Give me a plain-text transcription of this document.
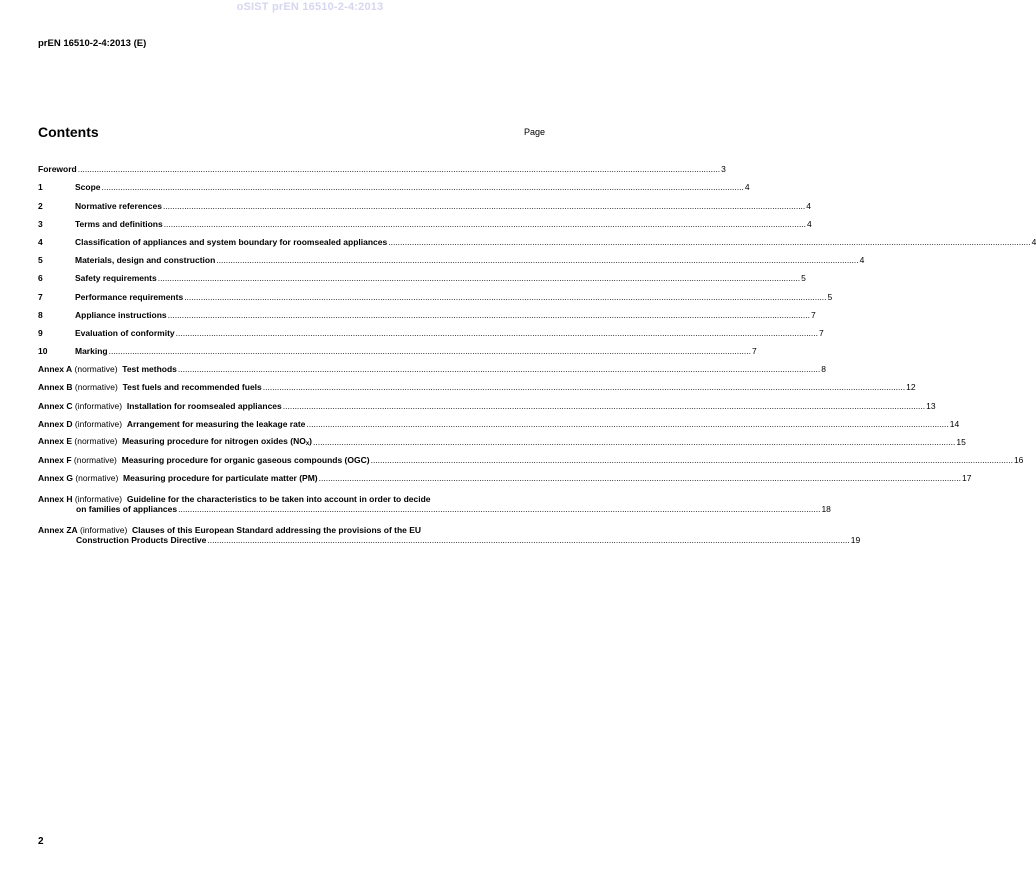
oSIST prEN 16510-2-4:2013
prEN 16510-2-4:2013 (E)
Contents	Page
Foreword .....	3
1	Scope .....	4
2	Normative references .....	4
3	Terms and definitions .....	4
4	Classification of appliances and system boundary for roomsealed appliances .....	4
5	Materials, design and construction .....	4
6	Safety requirements .....	5
7	Performance requirements .....	5
8	Appliance instructions .....	7
9	Evaluation of conformity .....	7
10	Marking .....	7
Annex A (normative) Test methods .....	8
Annex B (normative) Test fuels and recommended fuels .....	12
Annex C (informative) Installation for roomsealed appliances .....	13
Annex D (informative) Arrangement for measuring the leakage rate .....	14
Annex E (normative) Measuring procedure for nitrogen oxides $(NO_x)$ .....	15
Annex F (normative) Measuring procedure for organic gaseous compounds (OGC) .....	16
Annex G (normative) Measuring procedure for particulate matter (PM) .....	17
Annex H (informative) Guideline for the characteristics to be taken into account in order to decide
on families of appliances .....	18
Annex ZA (informative) Clauses of this European Standard addressing the provisions of the EU
Construction Products Directive .....	19
2
